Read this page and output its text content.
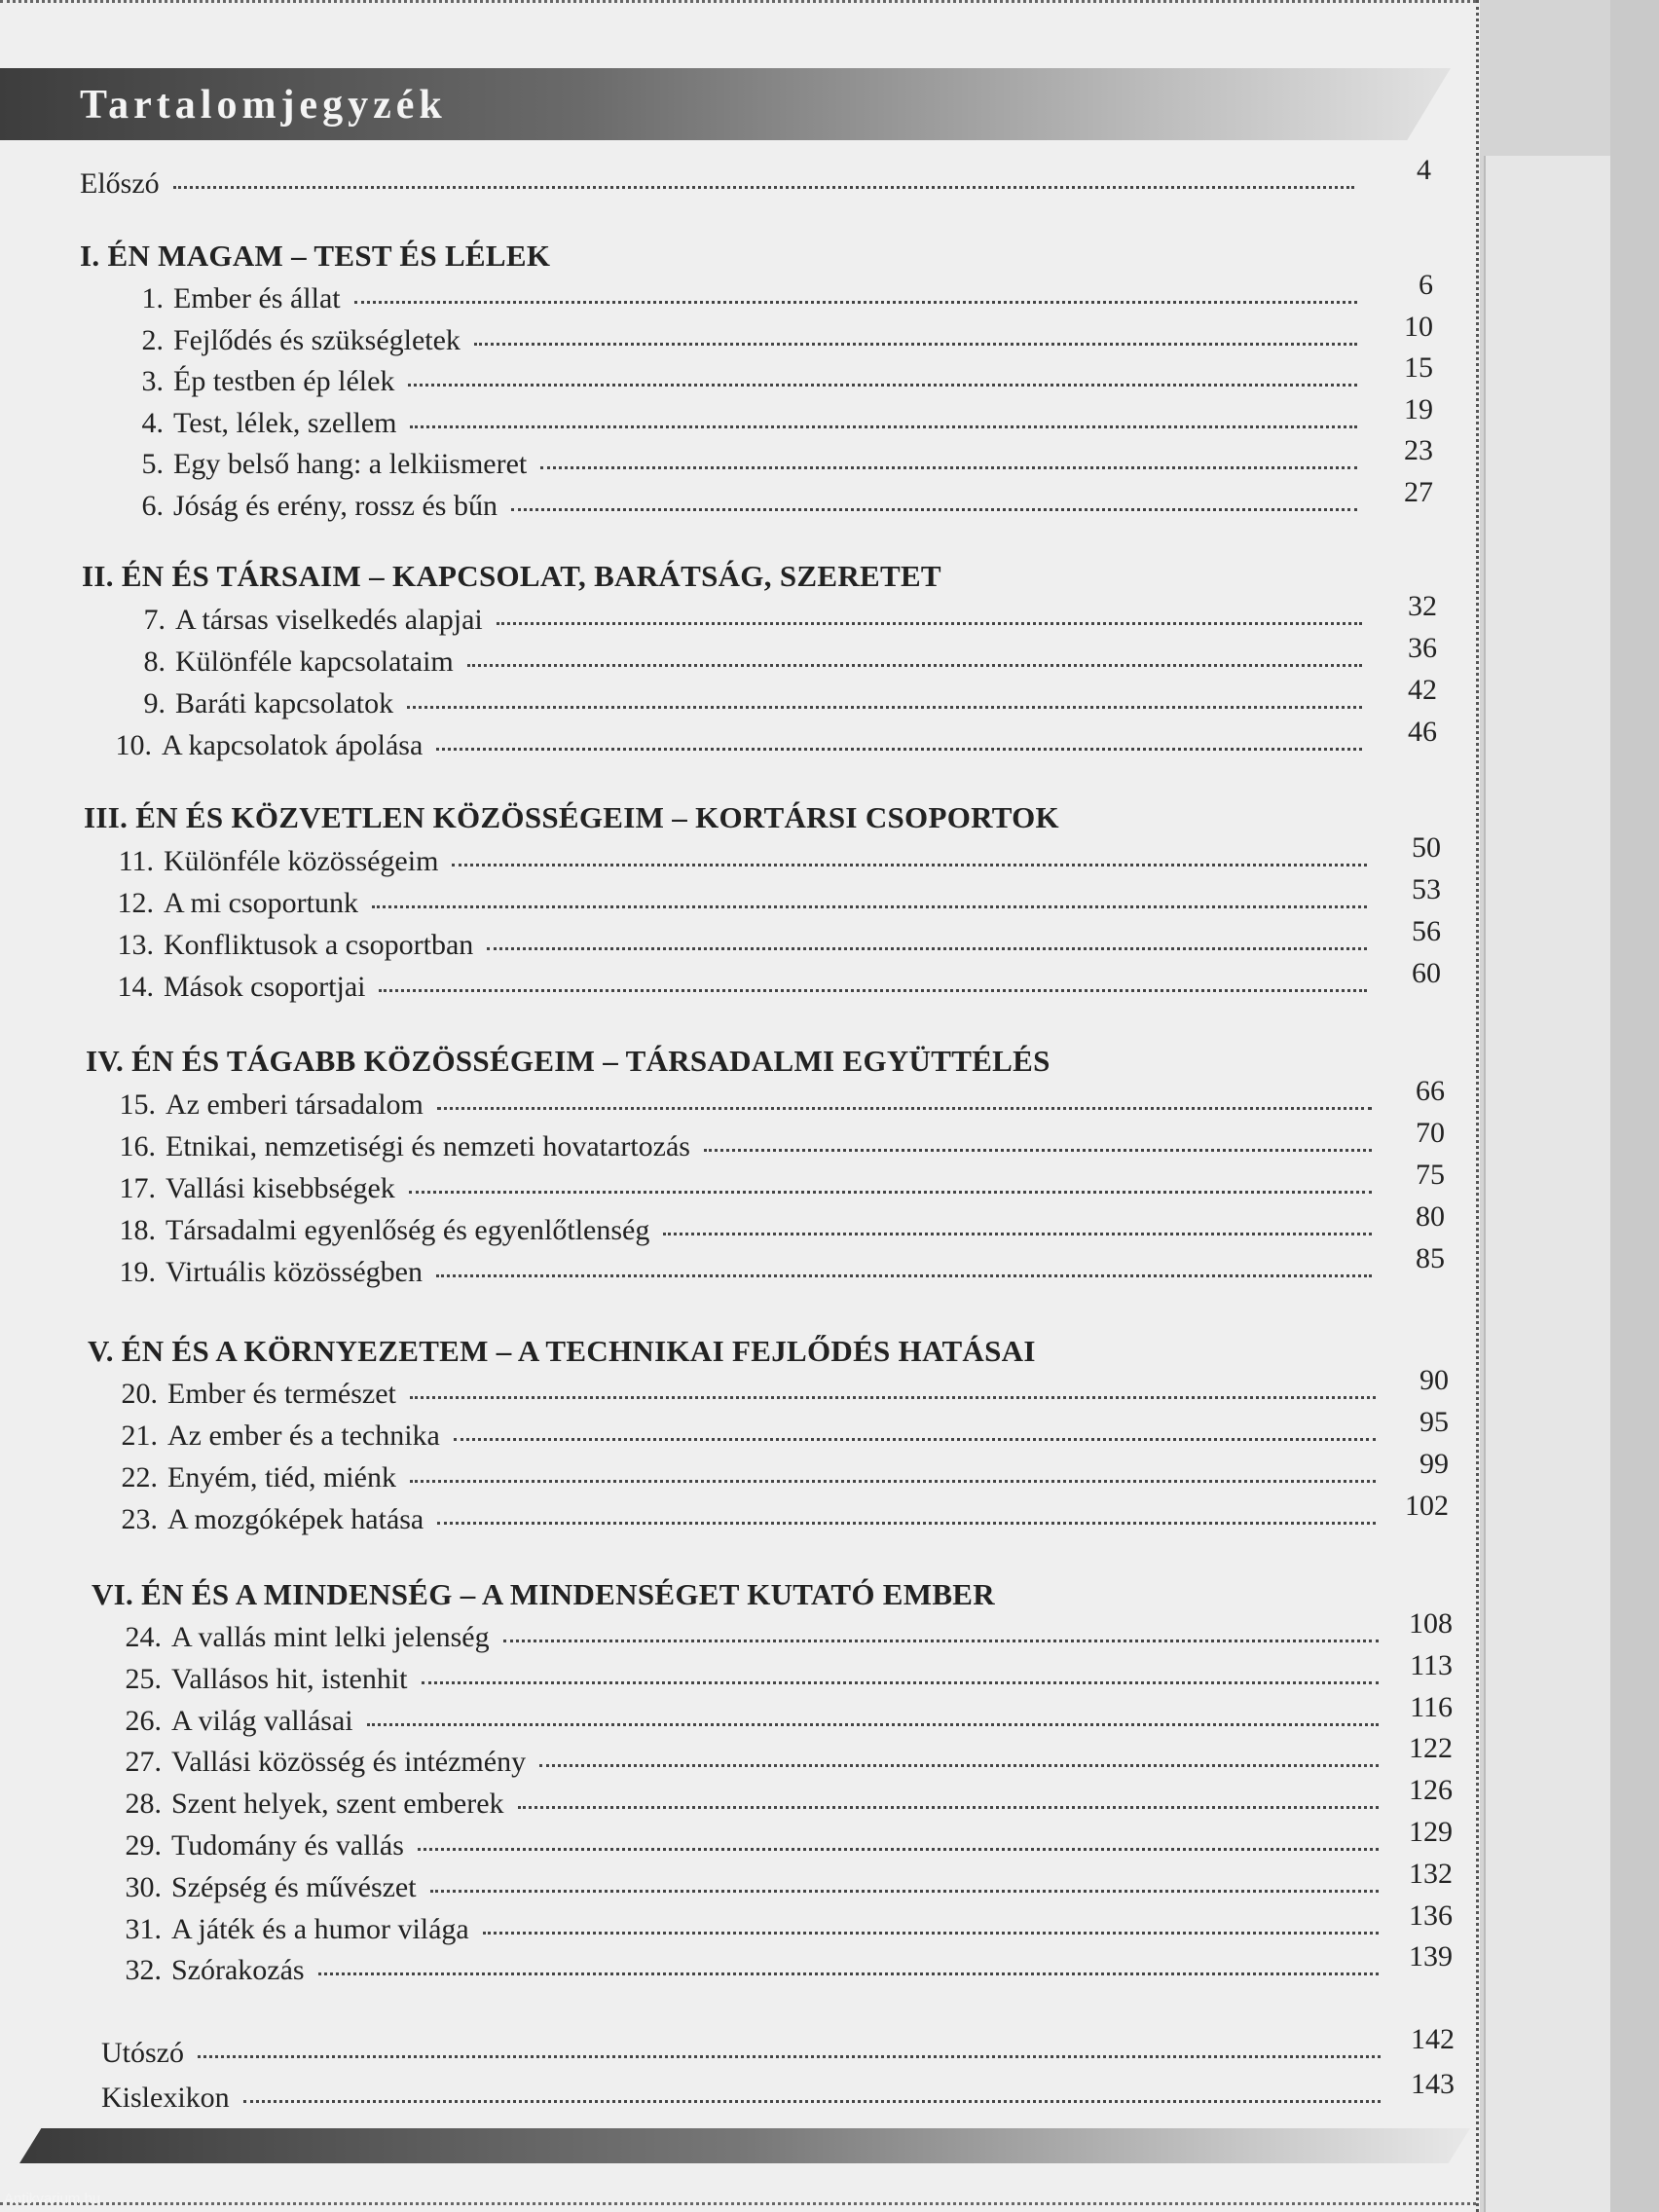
Tartalomjegyzék
Előszó	4
I. ÉN MAGAM – TEST ÉS LÉLEK
1. Ember és állat	6
2. Fejlődés és szükségletek	10
3. Ép testben ép lélek	15
4. Test, lélek, szellem	19
5. Egy belső hang: a lelkiismeret	23
6. Jóság és erény, rossz és bűn	27
II. ÉN ÉS TÁRSAIM – KAPCSOLAT, BARÁTSÁG, SZERETET
7. A társas viselkedés alapjai	32
8. Különféle kapcsolataim	36
9. Baráti kapcsolatok	42
10. A kapcsolatok ápolása	46
III. ÉN ÉS KÖZVETLEN KÖZÖSSÉGEIM – KORTÁRSI CSOPORTOK
11. Különféle közösségeim	50
12. A mi csoportunk	53
13. Konfliktusok a csoportban	56
14. Mások csoportjai	60
IV. ÉN ÉS TÁGABB KÖZÖSSÉGEIM – TÁRSADALMI EGYÜTTÉLÉS
15. Az emberi társadalom	66
16. Etnikai, nemzetiségi és nemzeti hovatartozás	70
17. Vallási kisebbségek	75
18. Társadalmi egyenlőség és egyenlőtlenség	80
19. Virtuális közösségben	85
V. ÉN ÉS A KÖRNYEZETEM – A TECHNIKAI FEJLŐDÉS HATÁSAI
20. Ember és természet	90
21. Az ember és a technika	95
22. Enyém, tiéd, miénk	99
23. A mozgóképek hatása	102
VI. ÉN ÉS A MINDENSÉG – A MINDENSÉGET KUTATÓ EMBER
24. A vallás mint lelki jelenség	108
25. Vallásos hit, istenhit	113
26. A világ vallásai	116
27. Vallási közösség és intézmény	122
28. Szent helyek, szent emberek	126
29. Tudomány és vallás	129
30. Szépség és művészet	132
31. A játék és a humor világa	136
32. Szórakozás	139
Utószó	142
Kislexikon	143
Antikvarium.hu
